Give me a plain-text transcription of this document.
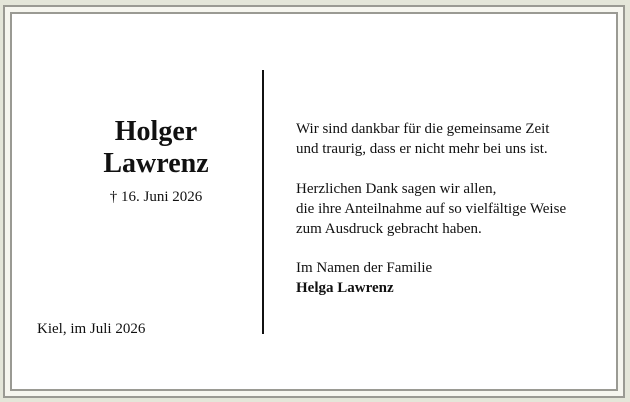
Holger
Lawrenz
† 16. Juni 2026
Kiel, im Juli 2026
Wir sind dankbar für die gemeinsame Zeit
und traurig, dass er nicht mehr bei uns ist.
Herzlichen Dank sagen wir allen,
die ihre Anteilnahme auf so vielfältige Weise
zum Ausdruck gebracht haben.
Im Namen der Familie
Helga Lawrenz
